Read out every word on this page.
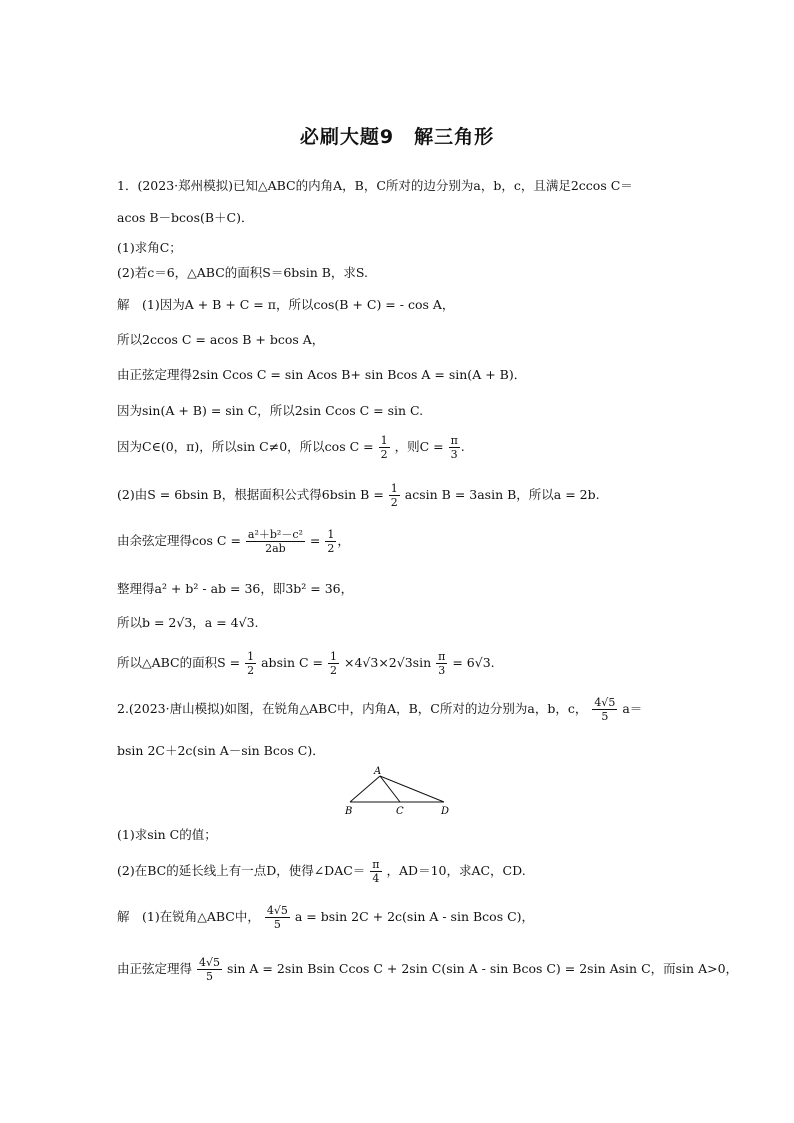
必刷大题9　解三角形
1．(2023·郑州模拟)已知△ABC的内角A，B，C所对的边分别为a，b，c，且满足2ccos C＝
acos B－bcos(B＋C)．
(1)求角C；
(2)若c＝6，△ABC的面积S＝6bsin B，求S.
解　(1)因为A + B + C = π，所以cos(B + C) = - cos A，
所以2ccos C = acos B + bcos A，
由正弦定理得2sin Ccos C = sin Acos B+ sin Bcos A = sin(A + B)．
因为sin(A + B) = sin C，所以2sin Ccos C = sin C.
因为C∈(0，π)，所以sin C≠0，所以$\cos C = \frac{1}{2}$ ，则$C = \frac{\pi}{3}$ .
(2)由S = 6bsin B，根据面积公式得6bsin $B = \frac{1}{2}$ acsin B = 3asin B，所以a = 2b.
由余弦定理得$\cos C = \frac{\text{a²＋b²－c²}}{2ab} = \frac{1}{2}$ ，
整理得a² + b² - ab = 36，即3b² = 36，
所以b = 2√3，a = 4√3.
所以△ABC的面积$S = \frac{1}{2}$ absin $C = \frac{1}{2} \times 4√3\times 2√3\sin \frac{\pi}{3} = 6√3$.
2.(2023·唐山模拟)如图，在锐角△ABC中，内角A，B，C所对的边分别为a，b，c， $\frac{4√5}{5} a=$
bsin 2C＋2c(sin A－sin Bcos C)．
A
B	C	D
(1)求sin C的值；
(2)在BC的延长线上有一点D，使得∠DAC＝ $\frac{\pi}{4}$ ，AD＝10，求AC，CD.
解　(1)在锐角△ABC中， $\frac{4√5}{5}$ a = bsin 2C + 2c(sin A - sin Bcos C)，
由正弦定理得 $\frac{4√5}{5}$ sin A = 2sin Bsin Ccos C + 2sin C(sin A - sin Bcos C) = 2sin Asin C，而sin A>0，
